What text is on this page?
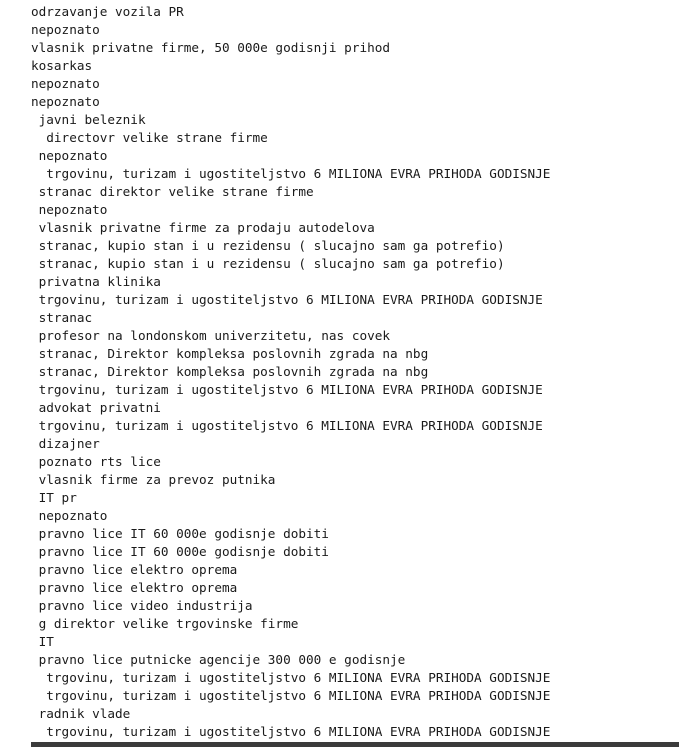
odrzavanje vozila PR
nepoznato
vlasnik privatne firme, 50 000e godisnji prihod
kosarkas
nepoznato
nepoznato
javni beleznik
directovr velike strane firme
nepoznato
trgovinu, turizam i ugostiteljstvo 6 MILIONA EVRA PRIHODA GODISNJE
stranac direktor velike strane firme
nepoznato
vlasnik privatne firme za prodaju autodelova
stranac, kupio stan i u rezidensu ( slucajno sam ga potrefio)
stranac, kupio stan i u rezidensu ( slucajno sam ga potrefio)
privatna klinika
trgovinu, turizam i ugostiteljstvo 6 MILIONA EVRA PRIHODA GODISNJE
stranac
profesor na londonskom univerzitetu, nas covek
stranac, Direktor kompleksa poslovnih zgrada na nbg
stranac, Direktor kompleksa poslovnih zgrada na nbg
trgovinu, turizam i ugostiteljstvo 6 MILIONA EVRA PRIHODA GODISNJE
advokat privatni
trgovinu, turizam i ugostiteljstvo 6 MILIONA EVRA PRIHODA GODISNJE
dizajner
poznato rts lice
vlasnik firme za prevoz putnika
IT pr
nepoznato
pravno lice IT 60 000e godisnje dobiti
pravno lice IT 60 000e godisnje dobiti
pravno lice elektro oprema
pravno lice elektro oprema
pravno lice video industrija
g direktor velike trgovinske firme
IT
pravno lice putnicke agencije 300 000 e godisnje
trgovinu, turizam i ugostiteljstvo 6 MILIONA EVRA PRIHODA GODISNJE
trgovinu, turizam i ugostiteljstvo 6 MILIONA EVRA PRIHODA GODISNJE
radnik vlade
trgovinu, turizam i ugostiteljstvo 6 MILIONA EVRA PRIHODA GODISNJE
